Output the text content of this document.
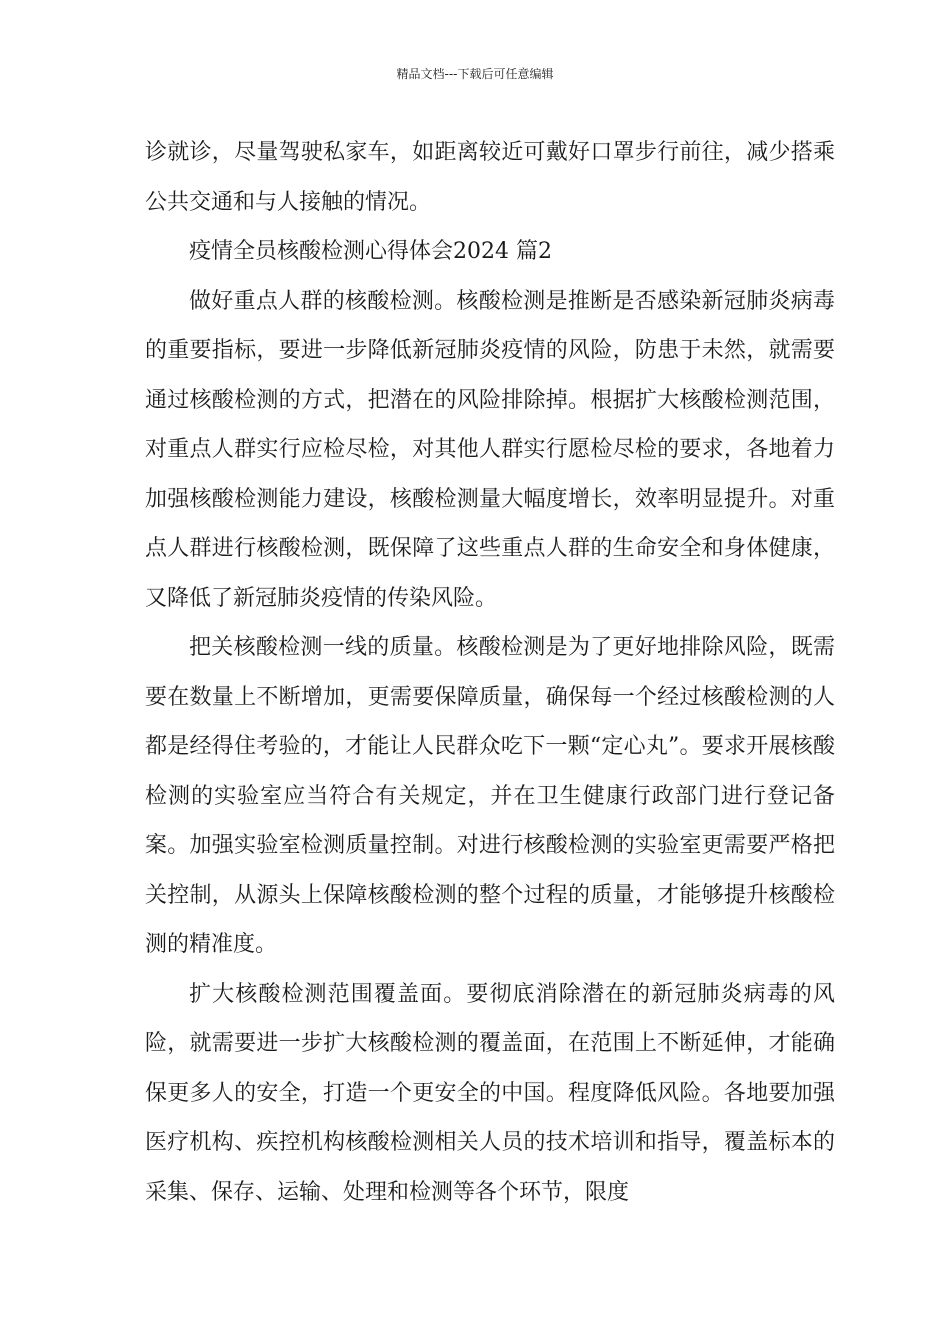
精品文档---下载后可任意编辑

诊就诊，尽量驾驶私家车，如距离较近可戴好口罩步行前往，减少搭乘公共交通和与人接触的情况。

疫情全员核酸检测心得体会2024 篇2

做好重点人群的核酸检测。核酸检测是推断是否感染新冠肺炎病毒的重要指标，要进一步降低新冠肺炎疫情的风险，防患于未然，就需要通过核酸检测的方式，把潜在的风险排除掉。根据扩大核酸检测范围，对重点人群实行应检尽检，对其他人群实行愿检尽检的要求，各地着力加强核酸检测能力建设，核酸检测量大幅度增长，效率明显提升。对重点人群进行核酸检测，既保障了这些重点人群的生命安全和身体健康，又降低了新冠肺炎疫情的传染风险。

把关核酸检测一线的质量。核酸检测是为了更好地排除风险，既需要在数量上不断增加，更需要保障质量，确保每一个经过核酸检测的人都是经得住考验的，才能让人民群众吃下一颗“定心丸”。要求开展核酸检测的实验室应当符合有关规定，并在卫生健康行政部门进行登记备案。加强实验室检测质量控制。对进行核酸检测的实验室更需要严格把关控制，从源头上保障核酸检测的整个过程的质量，才能够提升核酸检测的精准度。

扩大核酸检测范围覆盖面。要彻底消除潜在的新冠肺炎病毒的风险，就需要进一步扩大核酸检测的覆盖面，在范围上不断延伸，才能确保更多人的安全，打造一个更安全的中国。程度降低风险。各地要加强医疗机构、疾控机构核酸检测相关人员的技术培训和指导，覆盖标本的采集、保存、运输、处理和检测等各个环节，限度
